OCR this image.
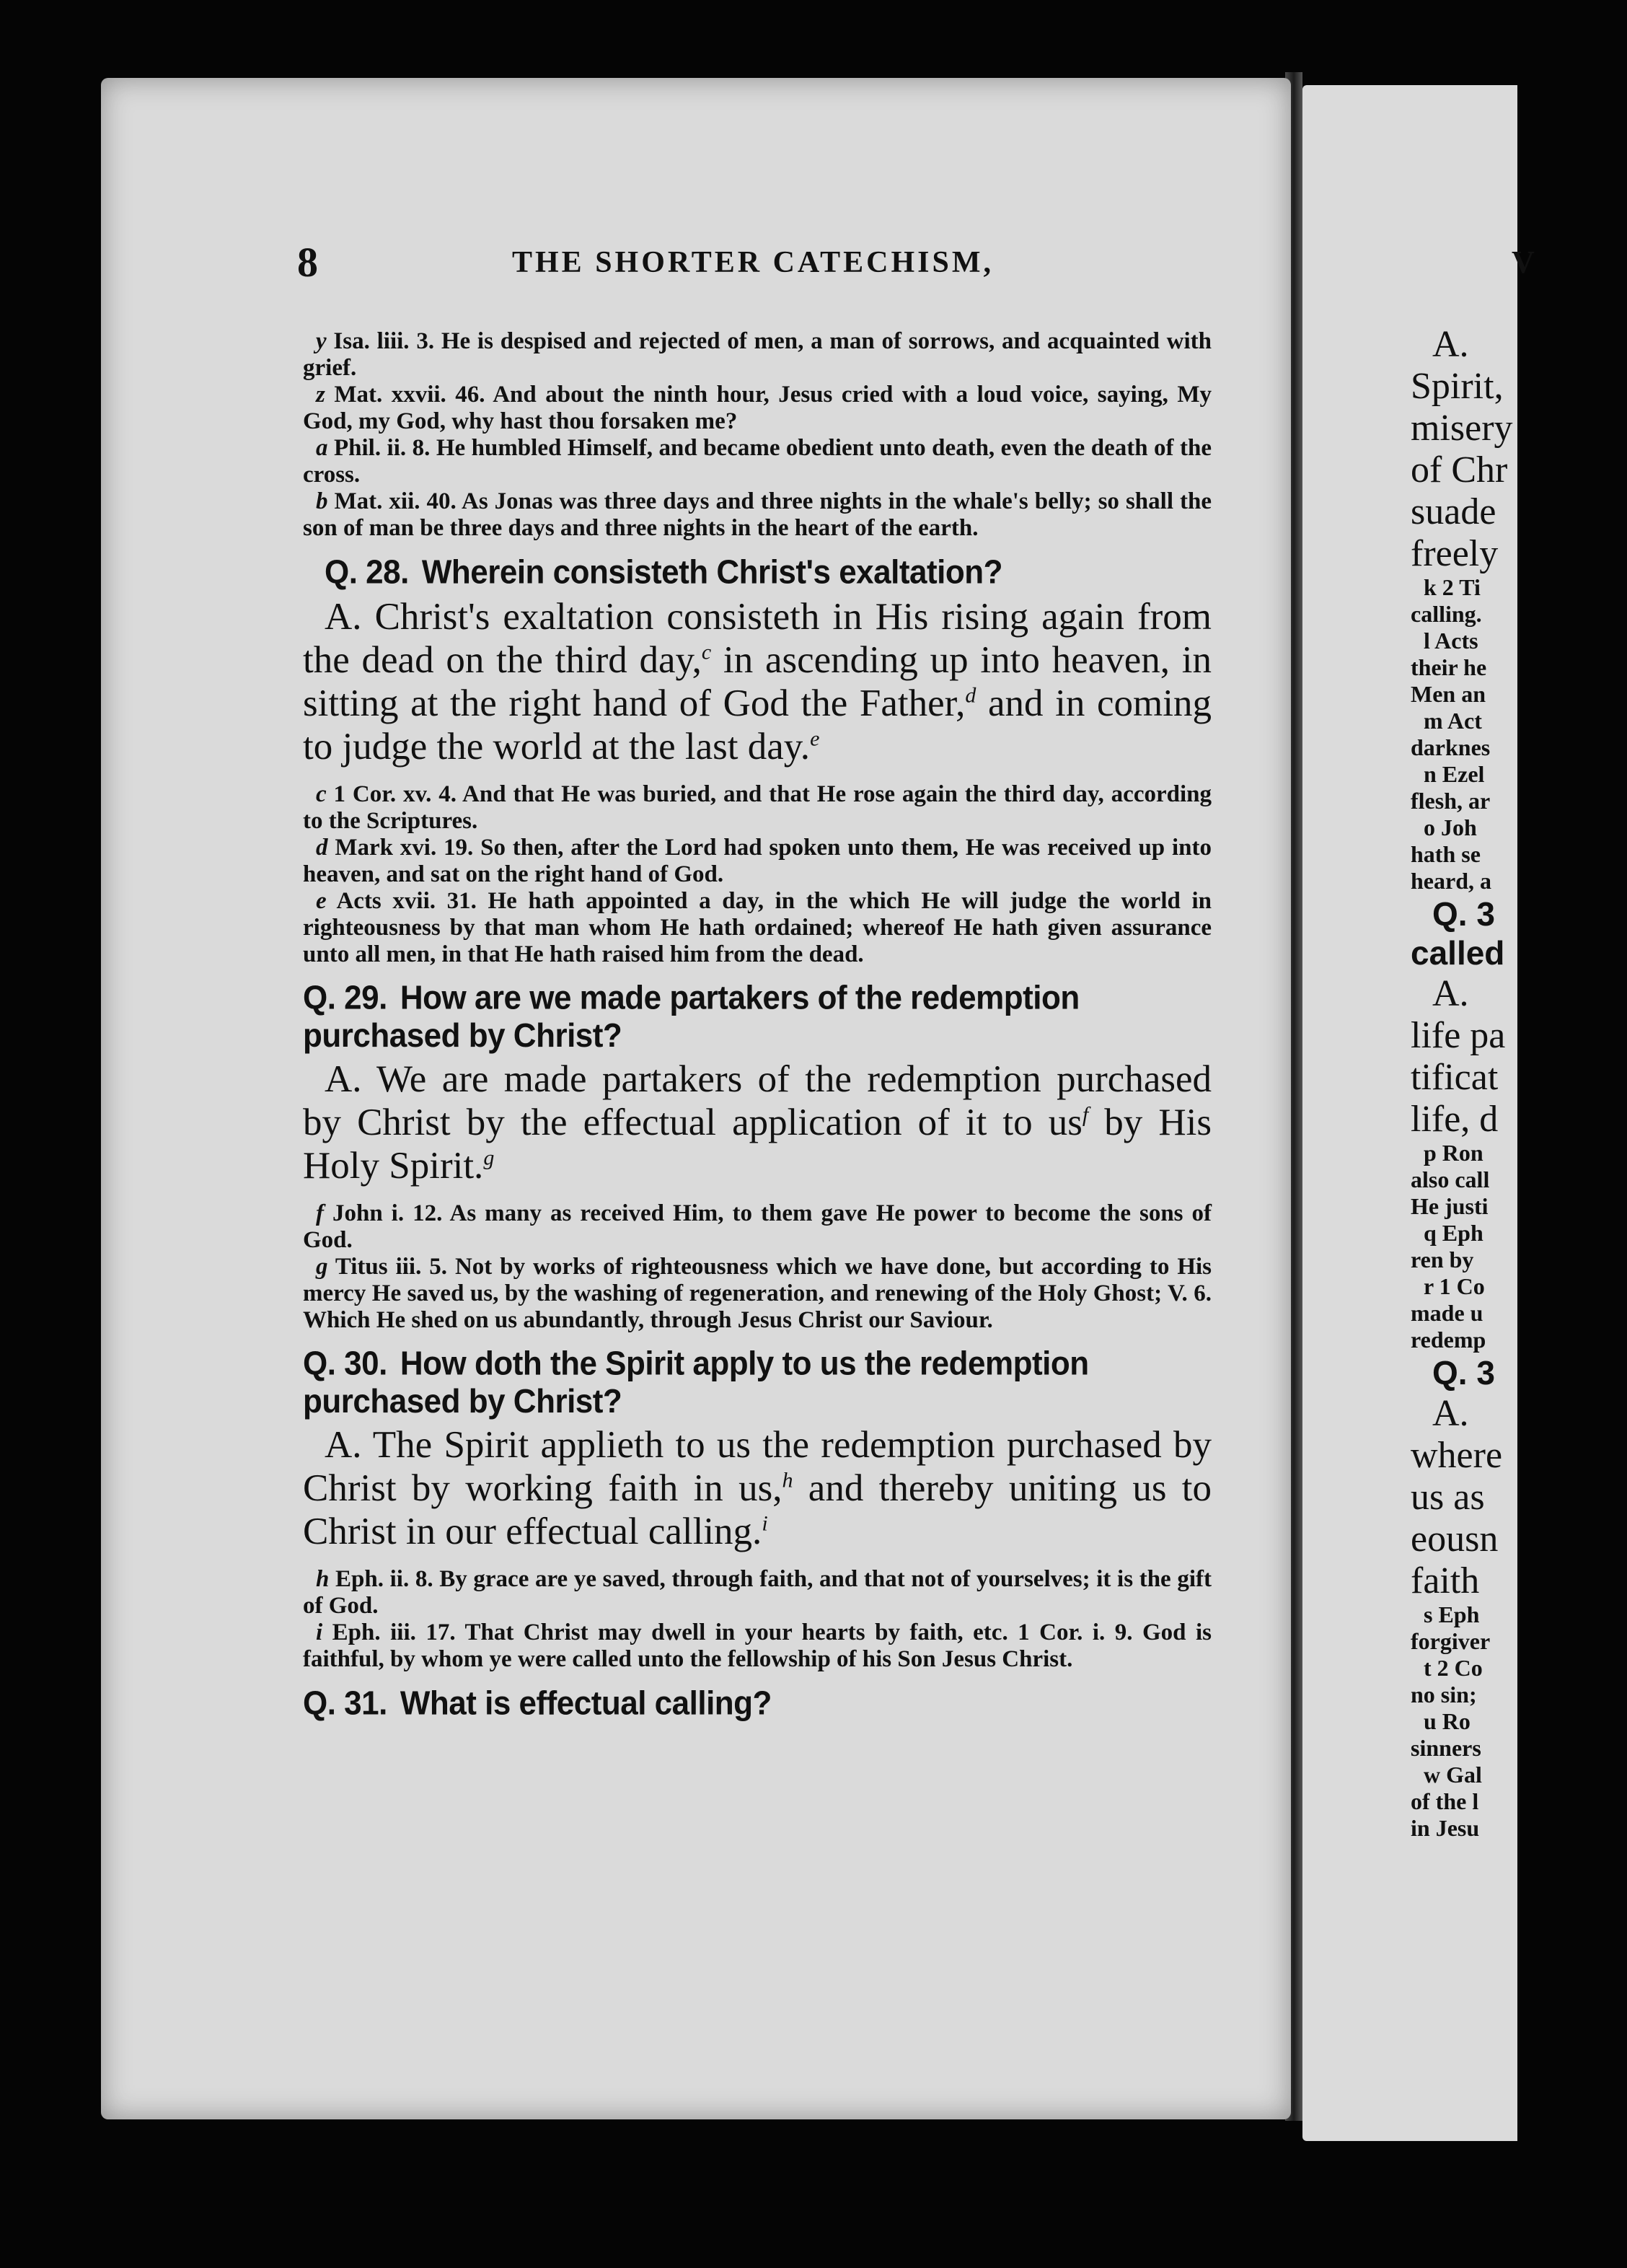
8	THE SHORTER CATECHISM,

y Isa. liii. 3. He is despised and rejected of men, a man of sorrows, and acquainted with grief.

z Mat. xxvii. 46. And about the ninth hour, Jesus cried with a loud voice, saying, My God, my God, why hast thou forsaken me?

a Phil. ii. 8. He humbled Himself, and became obedient unto death, even the death of the cross.

b Mat. xii. 40. As Jonas was three days and three nights in the whale's belly; so shall the son of man be three days and three nights in the heart of the earth.

Q. 28. Wherein consisteth Christ's exaltation?
A. Christ's exaltation consisteth in His rising again from the dead on the third day,$^c$ in ascending up into heaven, in sitting at the right hand of God the Father,$^d$ and in coming to judge the world at the last day.$^e$

c 1 Cor. xv. 4. And that He was buried, and that He rose again the third day, according to the Scriptures.

d Mark xvi. 19. So then, after the Lord had spoken unto them, He was received up into heaven, and sat on the right hand of God.

e Acts xvii. 31. He hath appointed a day, in the which He will judge the world in righteousness by that man whom He hath ordained; whereof He hath given assurance unto all men, in that He hath raised him from the dead.

Q. 29. How are we made partakers of the redemption purchased by Christ?
A. We are made partakers of the redemption purchased by Christ by the effectual application of it to $us^f$ by His Holy Spirit.$^g$

f John i. 12. As many as received Him, to them gave He power to become the sons of God.

g Titus iii. 5. Not by works of righteousness which we have done, but according to His mercy He saved us, by the washing of regeneration, and renewing of the Holy Ghost; V. 6. Which He shed on us abundantly, through Jesus Christ our Saviour.

Q. 30. How doth the Spirit apply to us the redemption purchased by Christ?
A. The Spirit applieth to us the redemption purchased by Christ by working faith in us,$^h$ and thereby uniting us to Christ in our effectual calling.$^i$

h Eph. ii. 8. By grace are ye saved, through faith, and that not of yourselves; it is the gift of God.

i Eph. iii. 17. That Christ may dwell in your hearts by faith, etc. 1 Cor. i. 9. God is faithful, by whom ye were called unto the fellowship of his Son Jesus Christ.

Q. 31. What is effectual calling?
V
A.
Spirit,
misery
of Chr
suade
freely
k 2 Ti
calling.
l Acts
their he
Men an
m Act
darknes
n Ezel
flesh, ar
o Joh
hath se
heard, a
Q. 3
called
A.
life pa
tificat
life, d
p Ron
also call
He justi
q Eph
ren by
r 1 Co
made u
redemp
Q. 3
A.
where
us as
eousn
faith
s Eph
forgiver
t 2 Co
no sin;
u Ro
sinners
w Gal
of the l
in Jesu
